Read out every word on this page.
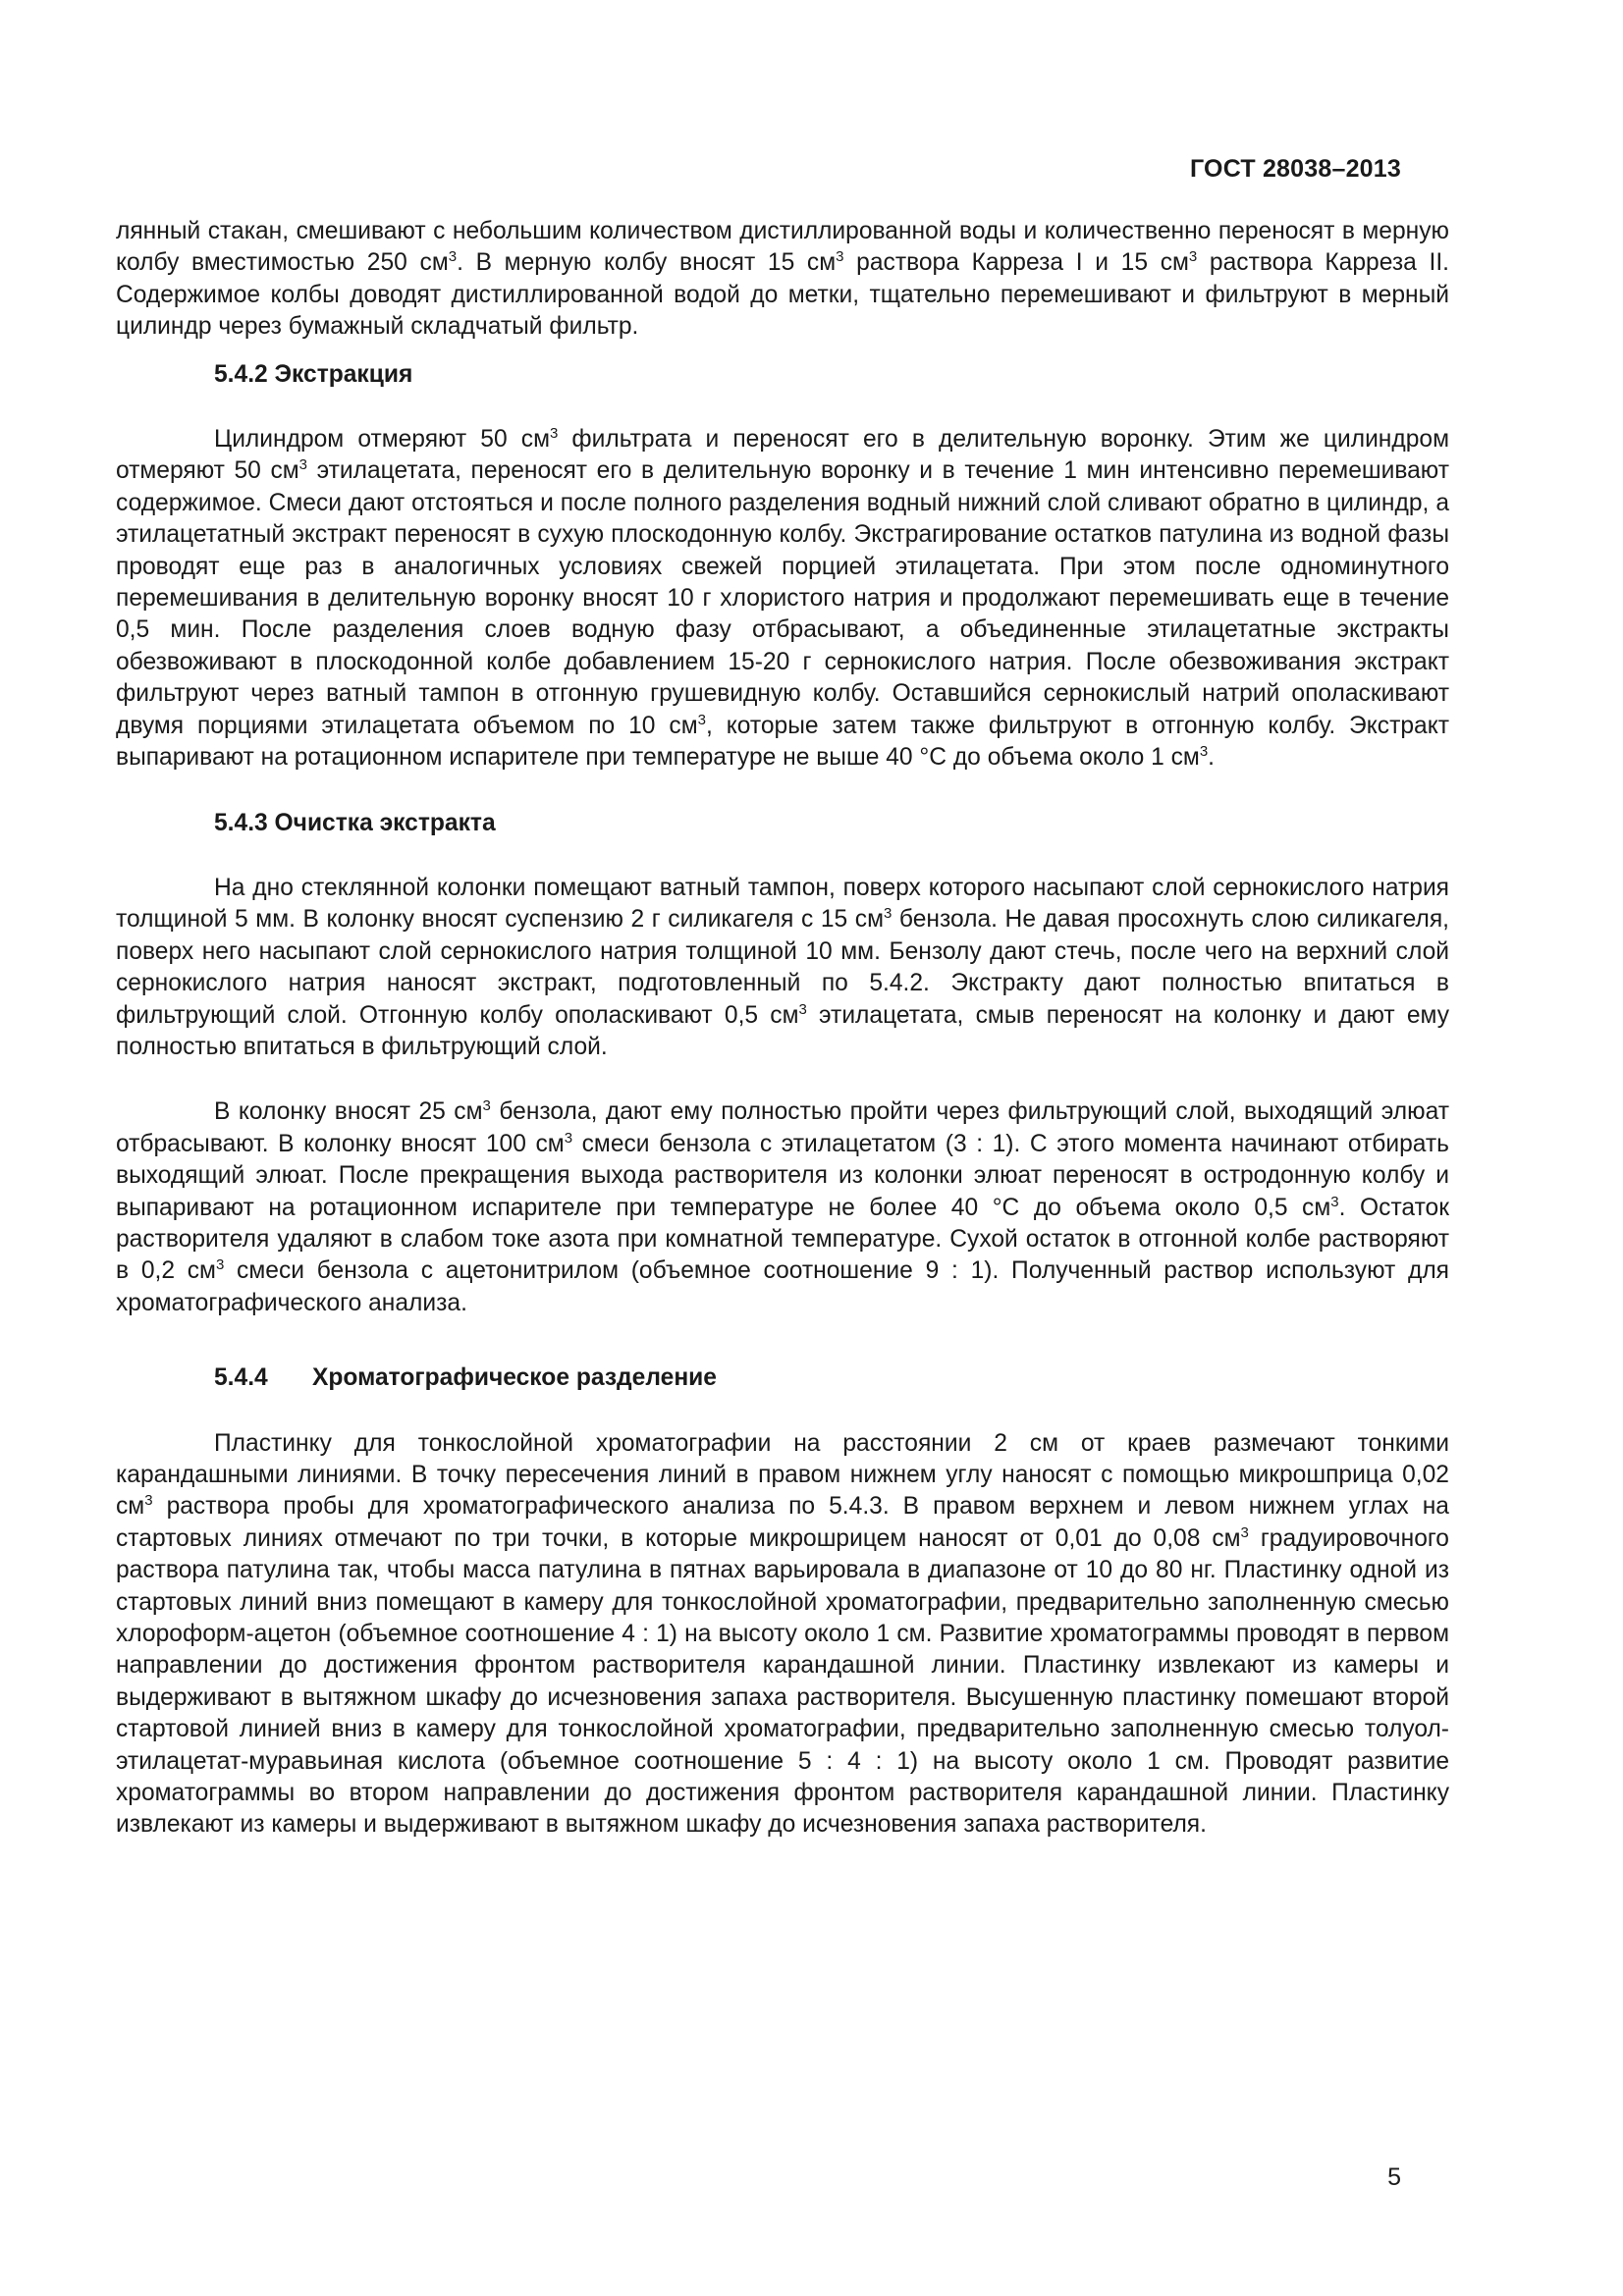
ГОСТ 28038–2013

лянный стакан, смешивают с небольшим количеством дистиллированной воды и количественно переносят в мерную колбу вместимостью 250 $см^3$. В мерную колбу вносят 15 $см^3$ раствора Карреза I и 15 $см^3$ раствора Карреза II. Содержимое колбы доводят дистиллированной водой до метки, тщательно перемешивают и фильтруют в мерный цилиндр через бумажный складчатый фильтр.

5.4.2 Экстракция

Цилиндром отмеряют 50 $см^3$ фильтрата и переносят его в делительную воронку. Этим же цилиндром отмеряют 50 $см^3$ этилацетата, переносят его в делительную воронку и в течение 1 мин интенсивно перемешивают содержимое. Смеси дают отстояться и после полного разделения водный нижний слой сливают обратно в цилиндр, а этилацетатный экстракт переносят в сухую плоскодонную колбу. Экстрагирование остатков патулина из водной фазы проводят еще раз в аналогичных условиях свежей порцией этилацетата. При этом после одноминутного перемешивания в делительную воронку вносят 10 г хлористого натрия и продолжают перемешивать еще в течение 0,5 мин. После разделения слоев водную фазу отбрасывают, а объединенные этилацетатные экстракты обезвоживают в плоскодонной колбе добавлением 15-20 г сернокислого натрия. После обезвоживания экстракт фильтруют через ватный тампон в отгонную грушевидную колбу. Оставшийся сернокислый натрий ополаскивают двумя порциями этилацетата объемом по 10 $см^3$, которые затем также фильтруют в отгонную колбу. Экстракт выпаривают на ротационном испарителе при температуре не выше 40 °С до объема около 1 $см^3$.

5.4.3 Очистка экстракта

На дно стеклянной колонки помещают ватный тампон, поверх которого насыпают слой сернокислого натрия толщиной 5 мм. В колонку вносят суспензию 2 г силикагеля с 15 $см^3$ бензола. Не давая просохнуть слою силикагеля, поверх него насыпают слой сернокислого натрия толщиной 10 мм. Бензолу дают стечь, после чего на верхний слой сернокислого натрия наносят экстракт, подготовленный по 5.4.2. Экстракту дают полностью впитаться в фильтрующий слой. Отгонную колбу ополаскивают 0,5 $см^3$ этилацетата, смыв переносят на колонку и дают ему полностью впитаться в фильтрующий слой.

В колонку вносят 25 $см^3$ бензола, дают ему полностью пройти через фильтрующий слой, выходящий элюат отбрасывают. В колонку вносят 100 $см^3$ смеси бензола с этилацетатом (3 : 1). С этого момента начинают отбирать выходящий элюат. После прекращения выхода растворителя из колонки элюат переносят в остродонную колбу и выпаривают на ротационном испарителе при температуре не более 40 °С до объема около 0,5 $см^3$. Остаток растворителя удаляют в слабом токе азота при комнатной температуре. Сухой остаток в отгонной колбе растворяют в 0,2 $см^3$ смеси бензола с ацетонитрилом (объемное соотношение 9 : 1). Полученный раствор используют для хроматографического анализа.

5.4.4 Хроматографическое разделение

Пластинку для тонкослойной хроматографии на расстоянии 2 см от краев размечают тонкими карандашными линиями. В точку пересечения линий в правом нижнем углу наносят с помощью микрошприца 0,02 $см^3$ раствора пробы для хроматографического анализа по 5.4.3. В правом верхнем и левом нижнем углах на стартовых линиях отмечают по три точки, в которые микрошрицем наносят от 0,01 до 0,08 $см^3$ градуировочного раствора патулина так, чтобы масса патулина в пятнах варьировала в диапазоне от 10 до 80 нг. Пластинку одной из стартовых линий вниз помещают в камеру для тонкослойной хроматографии, предварительно заполненную смесью хлороформ-ацетон (объемное соотношение 4 : 1) на высоту около 1 см. Развитие хроматограммы проводят в первом направлении до достижения фронтом растворителя карандашной линии. Пластинку извлекают из камеры и выдерживают в вытяжном шкафу до исчезновения запаха растворителя. Высушенную пластинку помешают второй стартовой линией вниз в камеру для тонкослойной хроматографии, предварительно заполненную смесью толуол-этилацетат-муравьиная кислота (объемное соотношение 5 : 4 : 1) на высоту около 1 см. Проводят развитие хроматограммы во втором направлении до достижения фронтом растворителя карандашной линии. Пластинку извлекают из камеры и выдерживают в вытяжном шкафу до исчезновения запаха растворителя.

5
